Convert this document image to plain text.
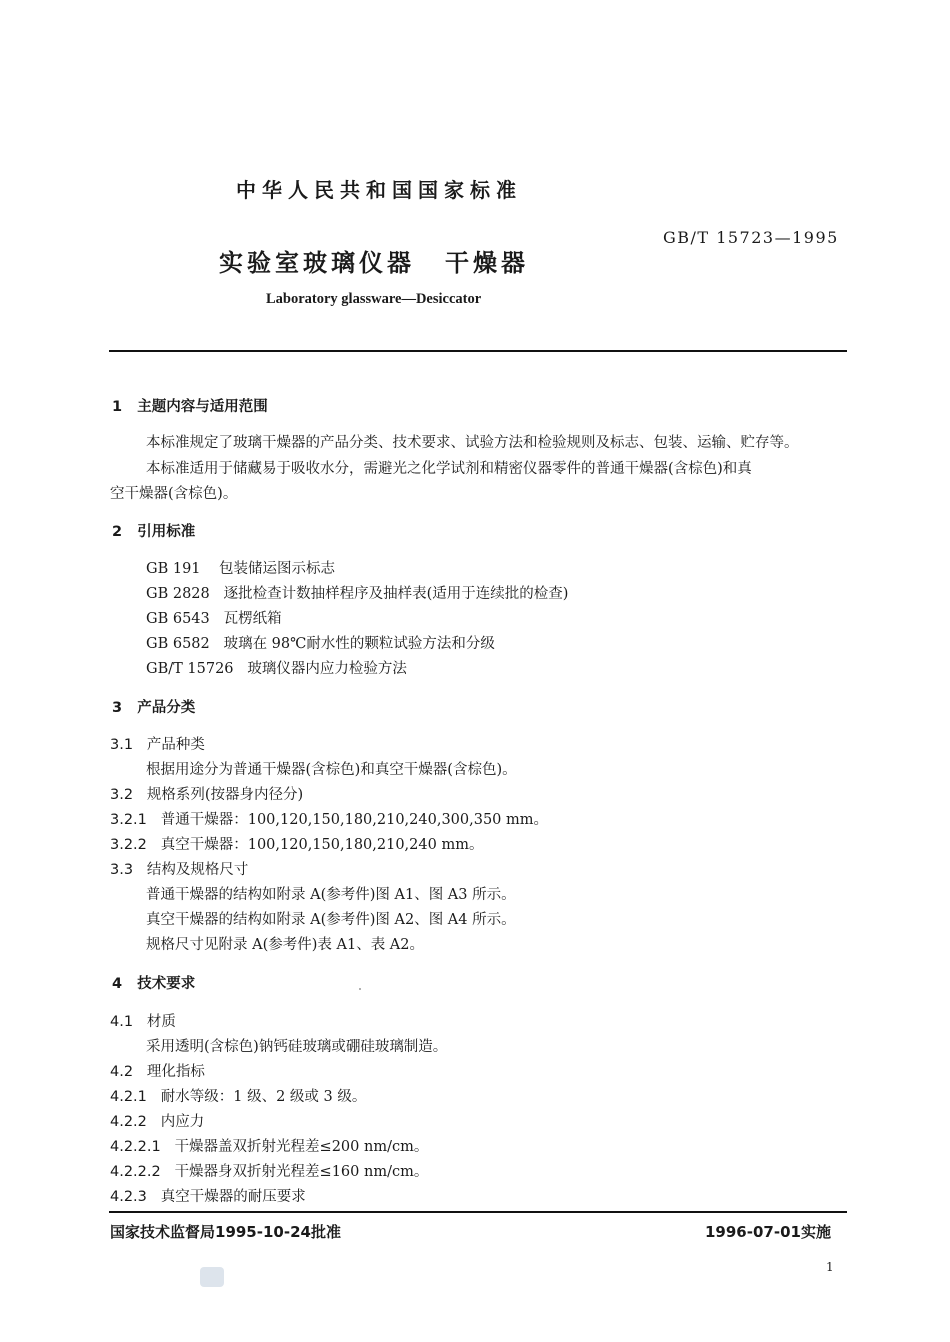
中华人民共和国国家标准
GB/T 15723—1995
实验室玻璃仪器 干燥器
Laboratory glassware—Desiccator
1 主题内容与适用范围
本标准规定了玻璃干燥器的产品分类、技术要求、试验方法和检验规则及标志、包装、运输、贮存等。
本标准适用于储藏易于吸收水分，需避光之化学试剂和精密仪器零件的普通干燥器(含棕色)和真
空干燥器(含棕色)。
2 引用标准
GB 191 包装储运图示标志
GB 2828 逐批检查计数抽样程序及抽样表(适用于连续批的检查)
GB 6543 瓦楞纸箱
GB 6582 玻璃在 98℃耐水性的颗粒试验方法和分级
GB/T 15726 玻璃仪器内应力检验方法
3 产品分类
3.1 产品种类
根据用途分为普通干燥器(含棕色)和真空干燥器(含棕色)。
3.2 规格系列(按器身内径分)
3.2.1 普通干燥器：100,120,150,180,210,240,300,350 mm。
3.2.2 真空干燥器：100,120,150,180,210,240 mm。
3.3 结构及规格尺寸
普通干燥器的结构如附录 A(参考件)图 A1、图 A3 所示。
真空干燥器的结构如附录 A(参考件)图 A2、图 A4 所示。
规格尺寸见附录 A(参考件)表 A1、表 A2。
4 技术要求
4.1 材质
采用透明(含棕色)钠钙硅玻璃或硼硅玻璃制造。
4.2 理化指标
4.2.1 耐水等级：1 级、2 级或 3 级。
4.2.2 内应力
4.2.2.1 干燥器盖双折射光程差≤200 nm/cm。
4.2.2.2 干燥器身双折射光程差≤160 nm/cm。
4.2.3 真空干燥器的耐压要求
国家技术监督局1995-10-24批准	1996-07-01实施
1
